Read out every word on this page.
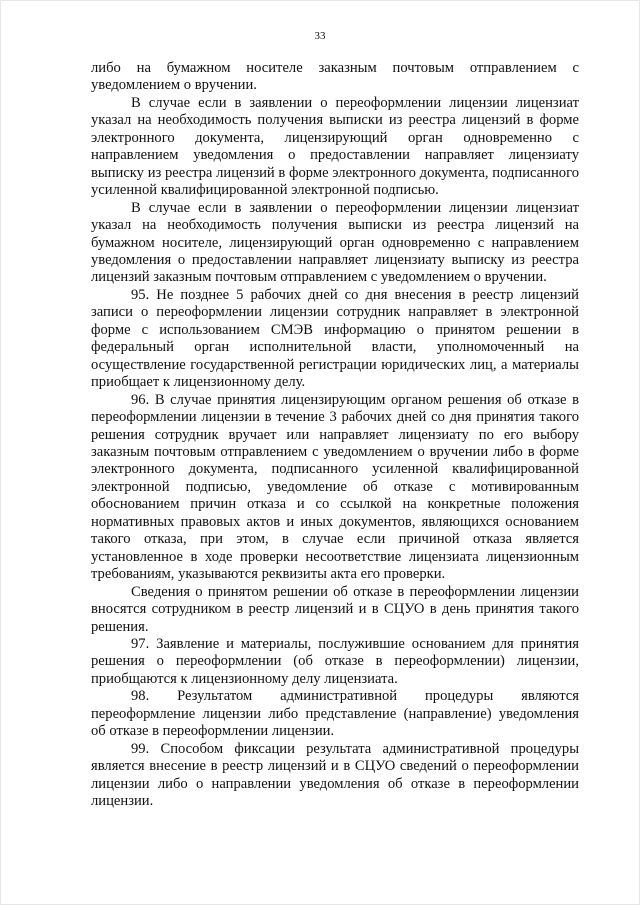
33

либо на бумажном носителе заказным почтовым отправлением с уведомлением о вручении.

В случае если в заявлении о переоформлении лицензии лицензиат указал на необходимость получения выписки из реестра лицензий в форме электронного документа, лицензирующий орган одновременно с направлением уведомления о предоставлении направляет лицензиату выписку из реестра лицензий в форме электронного документа, подписанного усиленной квалифицированной электронной подписью.

В случае если в заявлении о переоформлении лицензии лицензиат указал на необходимость получения выписки из реестра лицензий на бумажном носителе, лицензирующий орган одновременно с направлением уведомления о предоставлении направляет лицензиату выписку из реестра лицензий заказным почтовым отправлением с уведомлением о вручении.

95. Не позднее 5 рабочих дней со дня внесения в реестр лицензий записи о переоформлении лицензии сотрудник направляет в электронной форме с использованием СМЭВ информацию о принятом решении в федеральный орган исполнительной власти, уполномоченный на осуществление государственной регистрации юридических лиц, а материалы приобщает к лицензионному делу.

96. В случае принятия лицензирующим органом решения об отказе в переоформлении лицензии в течение 3 рабочих дней со дня принятия такого решения сотрудник вручает или направляет лицензиату по его выбору заказным почтовым отправлением с уведомлением о вручении либо в форме электронного документа, подписанного усиленной квалифицированной электронной подписью, уведомление об отказе с мотивированным обоснованием причин отказа и со ссылкой на конкретные положения нормативных правовых актов и иных документов, являющихся основанием такого отказа, при этом, в случае если причиной отказа является установленное в ходе проверки несоответствие лицензиата лицензионным требованиям, указываются реквизиты акта его проверки.

Сведения о принятом решении об отказе в переоформлении лицензии вносятся сотрудником в реестр лицензий и в СЦУО в день принятия такого решения.

97. Заявление и материалы, послужившие основанием для принятия решения о переоформлении (об отказе в переоформлении) лицензии, приобщаются к лицензионному делу лицензиата.

98. Результатом административной процедуры являются переоформление лицензии либо представление (направление) уведомления об отказе в переоформлении лицензии.

99. Способом фиксации результата административной процедуры является внесение в реестр лицензий и в СЦУО сведений о переоформлении лицензии либо о направлении уведомления об отказе в переоформлении лицензии.
